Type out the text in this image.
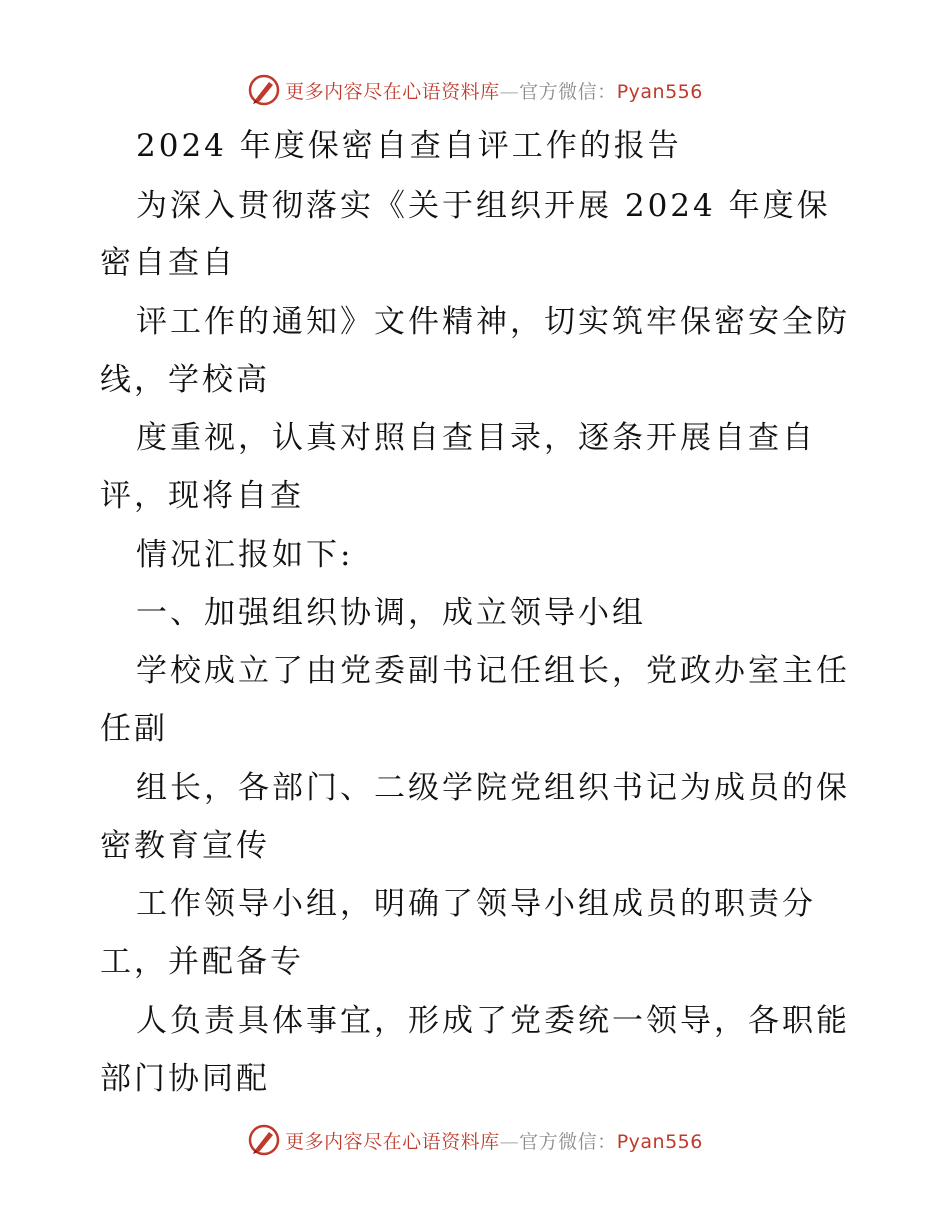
更多内容尽在心语资料库—官方微信：Pyan556
2024 年度保密自查自评工作的报告
为深入贯彻落实《关于组织开展 2024 年度保
密自查自
评工作的通知》文件精神，切实筑牢保密安全防
线，学校高
度重视，认真对照自查目录，逐条开展自查自
评，现将自查
情况汇报如下:
一、加强组织协调，成立领导小组
学校成立了由党委副书记任组长，党政办室主任
任副
组长，各部门、二级学院党组织书记为成员的保
密教育宣传
工作领导小组，明确了领导小组成员的职责分
工，并配备专
人负责具体事宜，形成了党委统一领导，各职能
部门协同配
更多内容尽在心语资料库—官方微信：Pyan556
